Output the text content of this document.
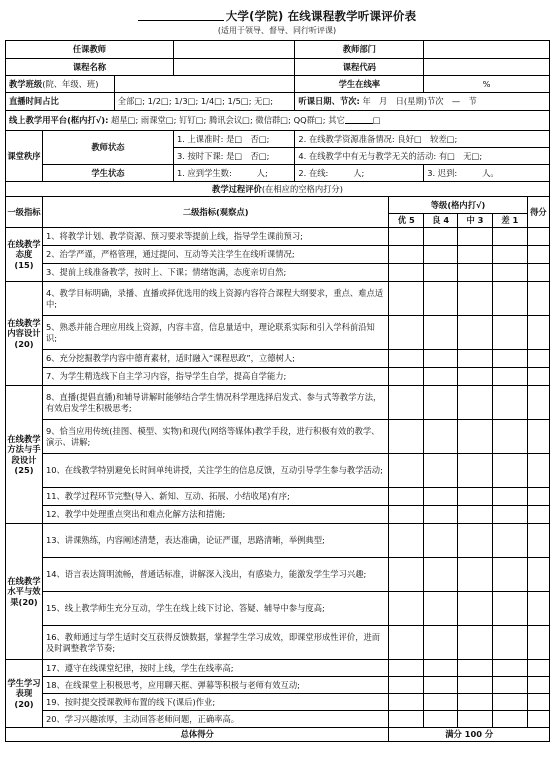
大学(学院) 在线课程教学听课评价表
(适用于领导、督导、同行听评课)
任课教师				教师部门					
课程名称				课程代码					
教学班级(院、年级、班)				学生在线率		%			
直播时间占比		全部□; 1/2□; 1/3□; 1/4□; 1/5□; 无□;		听课日期、节次: 年　月　日(星期)节次　—　节					
线上教学用平台(框内打√): 超星□; 雨课堂□; 钉钉□; 腾讯会议□; 微信群□; QQ群□; 其它 □									
课堂秩序	教师状态		1. 上课准时: 是□　否□;	2. 在线教学资源准备情况: 良好□　较差□;					
			3. 按时下课: 是□　否□;	4. 在线教学中有无与教学无关的活动: 有□　无□;					
	学生状态		1. 应到学生数:　　　人;	2. 在线:　　　人;		3. 迟到:　　　人。			
教学过程评价(在相应的空格内打分)									
一级指标	二级指标(观察点)				等级(格内打√)				得分
					优 5	良 4	中 3	差 1	
在线教学态度(15)	1、将教学计划、教学资源、预习要求等提前上线，指导学生课前预习;								
	2、治学严谨，严格管理，通过提问、互动等关注学生在线听课情况;								
	3、提前上线准备教学，按时上、下课；情绪饱满，态度亲切自然;								
在线教学内容设计(20)	4、教学目标明确，录播、直播或择优选用的线上资源内容符合课程大纲要求，重点、难点适中;								
	5、熟悉并能合理应用线上资源，内容丰富，信息量适中，理论联系实际和引入学科前沿知识;								
	6、充分挖掘教学内容中德育素材，适时融入“课程思政”，立德树人;								
	7、为学生精选线下自主学习内容，指导学生自学，提高自学能力;								
在线教学方法与手段设计(25)	8、直播(提倡直播)和辅导讲解时能够结合学生情况科学理选择启发式、参与式等教学方法，有效启发学生积极思考;								
	9、恰当应用传统(挂图、模型、实物)和现代(网络等媒体)教学手段，进行积极有效的教学、演示、讲解;								
	10、在线教学特别避免长时间单纯讲授，关注学生的信息反馈，互动引导学生参与教学活动;								
	11、教学过程环节完整(导入、新知、互动、拓展、小结收尾)有序;								
	12、教学中处理重点突出和难点化解方法和措施;								
在线教学水平与效果(20)	13、讲课熟练，内容阐述清楚，表达准确，论证严谨，思路清晰，举例典型;								
	14、语言表达简明流畅，普通话标准，讲解深入浅出，有感染力，能激发学生学习兴趣;								
	15、线上教学师生充分互动，学生在线上线下讨论、答疑、辅导中参与度高;								
	16、教师通过与学生适时交互获得反馈数据，掌握学生学习成效，即课堂形成性评价，进而及时调整教学节奏;								
学生学习表现(20)	17、遵守在线课堂纪律，按时上线，学生在线率高;								
	18、在线课堂上积极思考，应用聊天框、弹幕等积极与老师有效互动;								
	19、按时提交授课教师布置的线下(课后)作业;								
	20、学习兴趣浓厚，主动回答老师问题，正确率高。								
总体得分					满分 100 分				
